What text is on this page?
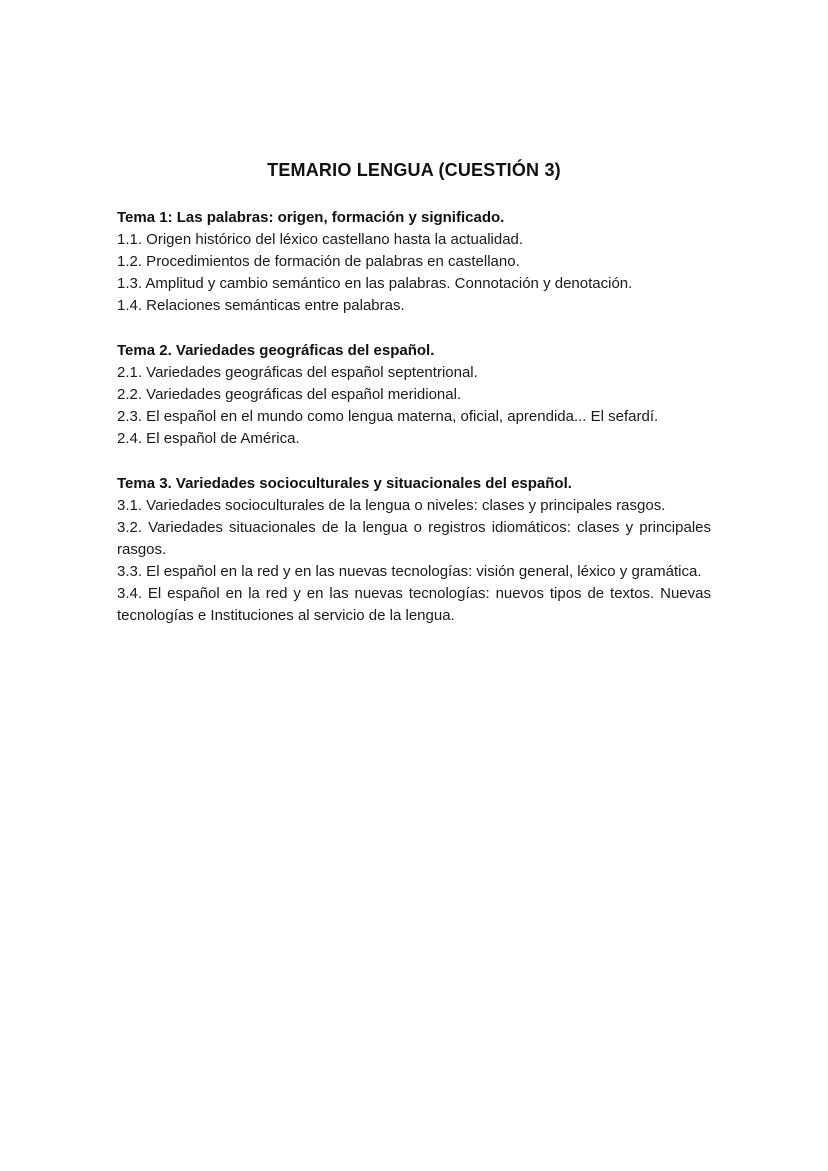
TEMARIO LENGUA (CUESTIÓN 3)

Tema 1: Las palabras: origen, formación y significado.

1.1. Origen histórico del léxico castellano hasta la actualidad.

1.2. Procedimientos de formación de palabras en castellano.

1.3. Amplitud y cambio semántico en las palabras. Connotación y denotación.

1.4. Relaciones semánticas entre palabras.

Tema 2. Variedades geográficas del español.

2.1. Variedades geográficas del español septentrional.

2.2. Variedades geográficas del español meridional.

2.3. El español en el mundo como lengua materna, oficial, aprendida... El sefardí.

2.4. El español de América.

Tema 3. Variedades socioculturales y situacionales del español.

3.1. Variedades socioculturales de la lengua o niveles: clases y principales rasgos.

3.2. Variedades situacionales de la lengua o registros idiomáticos: clases y principales rasgos.

3.3. El español en la red y en las nuevas tecnologías: visión general, léxico y gramática.

3.4. El español en la red y en las nuevas tecnologías: nuevos tipos de textos. Nuevas tecnologías e Instituciones al servicio de la lengua.
